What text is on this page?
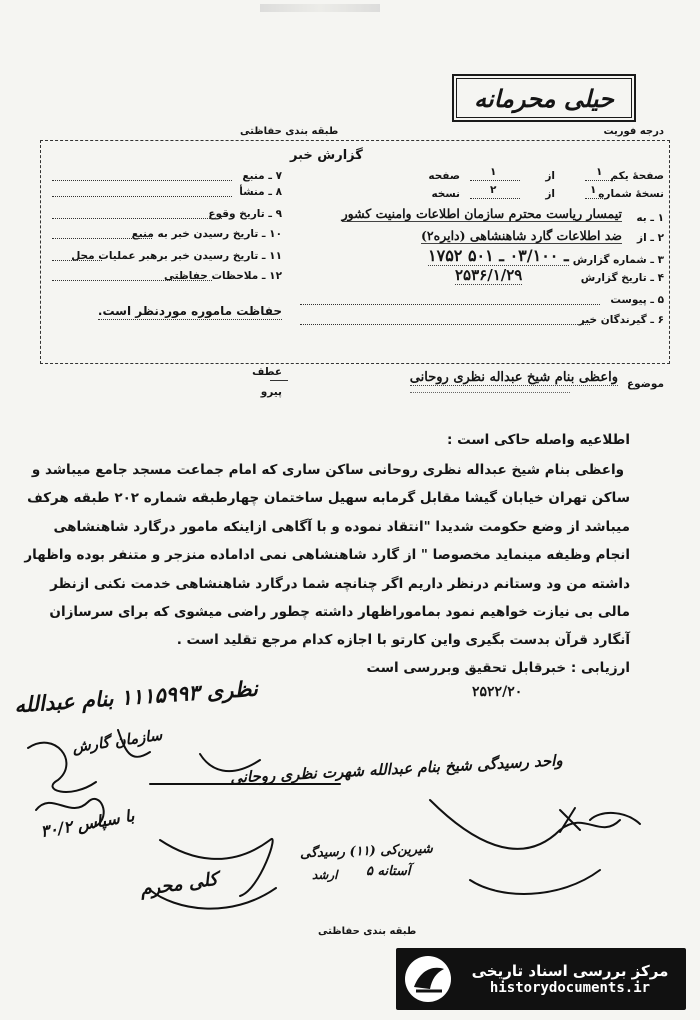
حیلی محرمانه
درجه فوریت
طبقه بندی حفاظتی
گزارش خبر
۷ ـ منبع
۸ ـ منشأ
۹ ـ تاریخ وقوع
۱۰ ـ تاریخ رسیدن خبر به منبع
۱۱ ـ تاریخ رسیدن خبر برهبر عملیات محل
۱۲ ـ ملاحظات حفاظتی
حفاظت ماموره موردنظر است.
صفحهٔ یکم
۱
از
۱
صفحه
نسخهٔ شماره
۱
از
۲
نسخه
۱ ـ به
تیمسار ریاست محترم سازمان اطلاعات وامنیت کشور
۲ ـ از
ضد اطلاعات گارد شاهنشاهی (دایره۲)
۳ ـ شماره گزارش
۱۷۵۲ ـ ۰۳/۱۰۰ ـ ۵۰۱
۴ ـ تاریخ گزارش
۲۵۳۶/۱/۲۹
۵ ـ پیوست
۶ ـ گیرندگان خبر
عطف
پیرو
موضوع
واعظی بنام شیخ عبداله نظری روحانی
اطلاعیه واصله حاکی است :
واعظی بنام شیخ عبداله نظری روحانی ساکن ساری که امام جماعت مسجد جامع میباشد و
ساکن تهران خیابان گیشا مقابل گرمابه سهیل ساختمان چهارطبقه شماره ۲۰۲ طبقه هرکف
میباشد از وضع حکومت شدیدا "انتقاد نموده و با آگاهی ازاینکه مامور درگارد شاهنشاهی
انجام وظیفه مینماید مخصوصا " از گارد شاهنشاهی نمی اداماده منزجر و متنفر بوده واظهار
داشته من ود وستانم درنظر داریم اگر چنانچه شما درگارد شاهنشاهی خدمت نکنی ازنظر
مالی بی نیازت خواهیم نمود بماموراظهار داشته چطور راضی میشوی که برای سرسازان
آنگارد قرآن بدست بگیری واین کارتو با اجازه کدام مرجع تقلید است .
ارزیابی : خبرقابل تحقیق وبررسی است
۲۵۲۲/۲۰
نظری ۱۱۱۵۹۹۳ بنام عبدالله
سازمان گارش
با سپاس ۳۰/۲
واحد رسیدگی شیخ بنام عبدالله شهرت نظری روحانی
شیرین‌کی (۱۱) رسیدگی
ارشد آستانه ۵
کلی محرم
طبقه بندی حفاظتی
مرکز بررسی اسناد تاریخی
historydocuments.ir
